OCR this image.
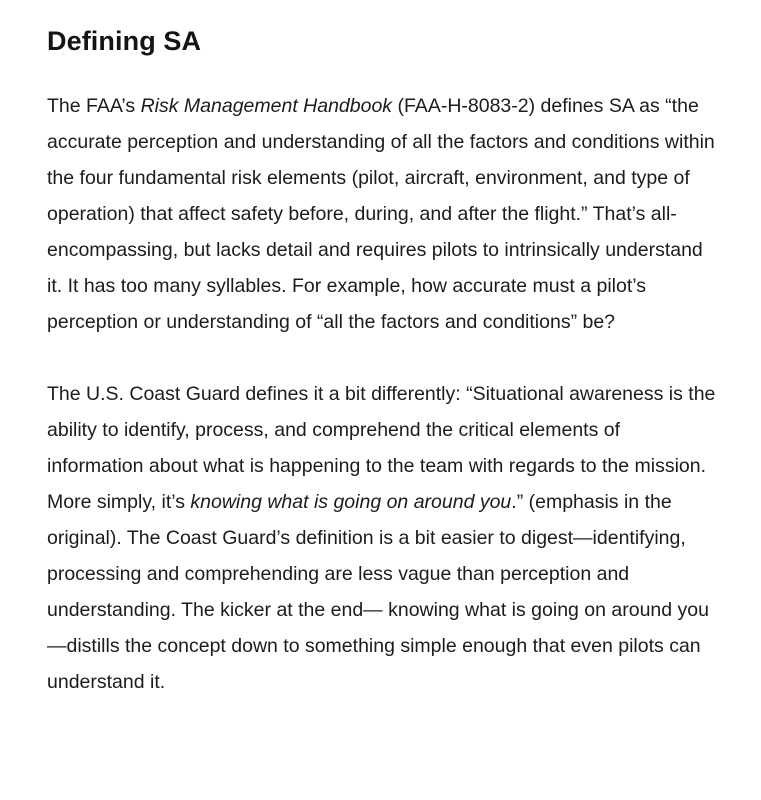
Defining SA

The FAA’s Risk Management Handbook (FAA-H-8083-2) defines SA as “the accurate perception and understanding of all the factors and conditions within the four fundamental risk elements (pilot, aircraft, environment, and type of operation) that affect safety before, during, and after the flight.” That’s all-encompassing, but lacks detail and requires pilots to intrinsically understand it. It has too many syllables. For example, how accurate must a pilot’s perception or understanding of “all the factors and conditions” be?

The U.S. Coast Guard defines it a bit differently: “Situational awareness is the ability to identify, process, and comprehend the critical elements of information about what is happening to the team with regards to the mission. More simply, it’s knowing what is going on around you.” (emphasis in the original). The Coast Guard’s definition is a bit easier to digest—identifying, processing and comprehending are less vague than perception and understanding. The kicker at the end— knowing what is going on around you—distills the concept down to something simple enough that even pilots can understand it.
